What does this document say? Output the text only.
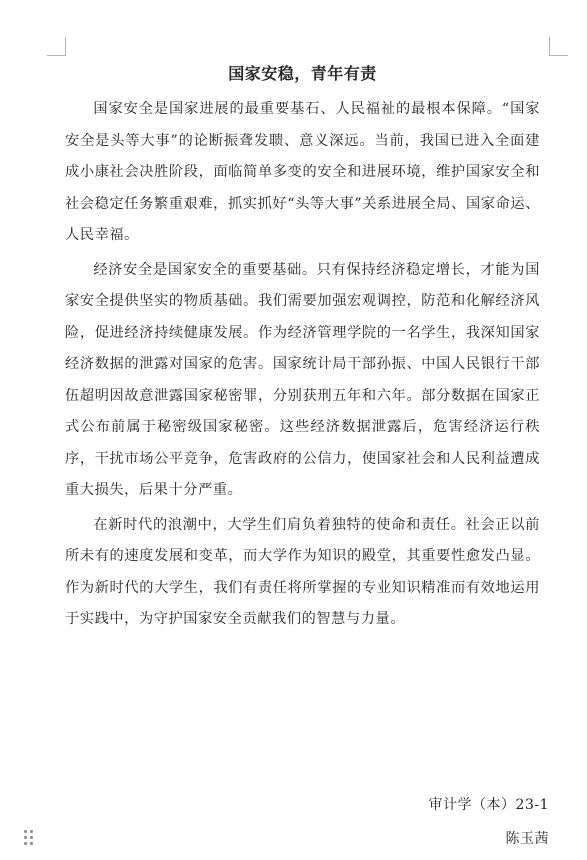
国家安稳，青年有责

国家安全是国家进展的最重要基石、人民福祉的最根本保障。“国家安全是头等大事”的论断振聋发聩、意义深远。当前，我国已进入全面建成小康社会决胜阶段，面临简单多变的安全和进展环境，维护国家安全和社会稳定任务繁重艰难，抓实抓好“头等大事”关系进展全局、国家命运、人民幸福。

经济安全是国家安全的重要基础。只有保持经济稳定增长，才能为国家安全提供坚实的物质基础。我们需要加强宏观调控，防范和化解经济风险，促进经济持续健康发展。作为经济管理学院的一名学生，我深知国家经济数据的泄露对国家的危害。国家统计局干部孙振、中国人民银行干部伍超明因故意泄露国家秘密罪，分别获刑五年和六年。部分数据在国家正式公布前属于秘密级国家秘密。这些经济数据泄露后，危害经济运行秩序，干扰市场公平竞争，危害政府的公信力，使国家社会和人民利益遭成重大损失，后果十分严重。

在新时代的浪潮中，大学生们肩负着独特的使命和责任。社会正以前所未有的速度发展和变革，而大学作为知识的殿堂，其重要性愈发凸显。作为新时代的大学生，我们有责任将所掌握的专业知识精准而有效地运用于实践中，为守护国家安全贡献我们的智慧与力量。

审计学（本）23-1
陈玉茜
